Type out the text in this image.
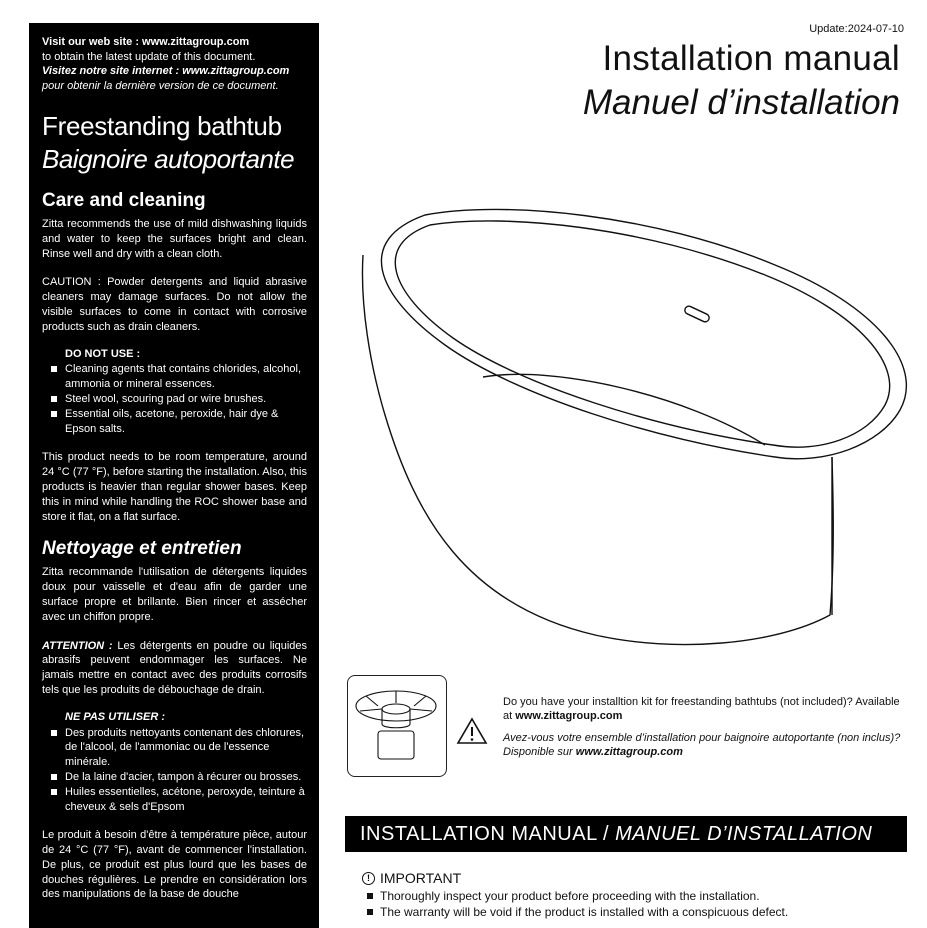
Visit our web site : www.zittagroup.com
to obtain the latest update of this document.
Visitez notre site internet : www.zittagroup.com
pour obtenir la dernière version de ce document.
Freestanding bathtub
Baignoire autoportante
Care and cleaning
Zitta recommends the use of mild dishwashing liquids and water to keep the surfaces bright and clean. Rinse well and dry with a clean cloth.
CAUTION : Powder detergents and liquid abrasive cleaners may damage surfaces. Do not allow the visible surfaces to come in contact with corrosive products such as drain cleaners.
DO NOT USE :
Cleaning agents that contains chlorides, alcohol, ammonia or mineral essences.
Steel wool, scouring pad or wire brushes.
Essential oils, acetone, peroxide, hair dye & Epson salts.
This product needs to be room temperature, around 24 °C (77 °F), before starting the installation. Also, this products is heavier than regular shower bases. Keep this in mind while handling the ROC shower base and store it flat, on a flat surface.
Nettoyage et entretien
Zitta recommande l'utilisation de détergents liquides doux pour vaisselle et d'eau afin de garder une surface propre et brillante. Bien rincer et assécher avec un chiffon propre.
ATTENTION : Les détergents en poudre ou liquides abrasifs peuvent endommager les surfaces. Ne jamais mettre en contact avec des produits corrosifs tels que les produits de débouchage de drain.
NE PAS UTILISER :
Des produits nettoyants contenant des chlorures, de l'alcool, de l'ammoniac ou de l'essence minérale.
De la laine d'acier, tampon à récurer ou brosses.
Huiles essentielles, acétone, peroxyde, teinture à cheveux & sels d'Epsom
Le produit à besoin d'être à température pièce, autour de 24 °C (77 °F), avant de commencer l'installation. De plus, ce produit est plus lourd que les bases de douches régulières. Le prendre en considération lors des manipulations de la base de douche
Update:2024-07-10
Installation manual
Manuel d’installation
Do you have your installtion kit for freestanding bathtubs (not included)? Available at www.zittagroup.com
Avez-vous votre ensemble d’installation pour baignoire autoportante (non inclus)? Disponible sur www.zittagroup.com
INSTALLATION MANUAL / MANUEL D’INSTALLATION
! IMPORTANT
Thoroughly inspect your product before proceeding with the installation.
The warranty will be void if the product is installed with a conspicuous defect.
